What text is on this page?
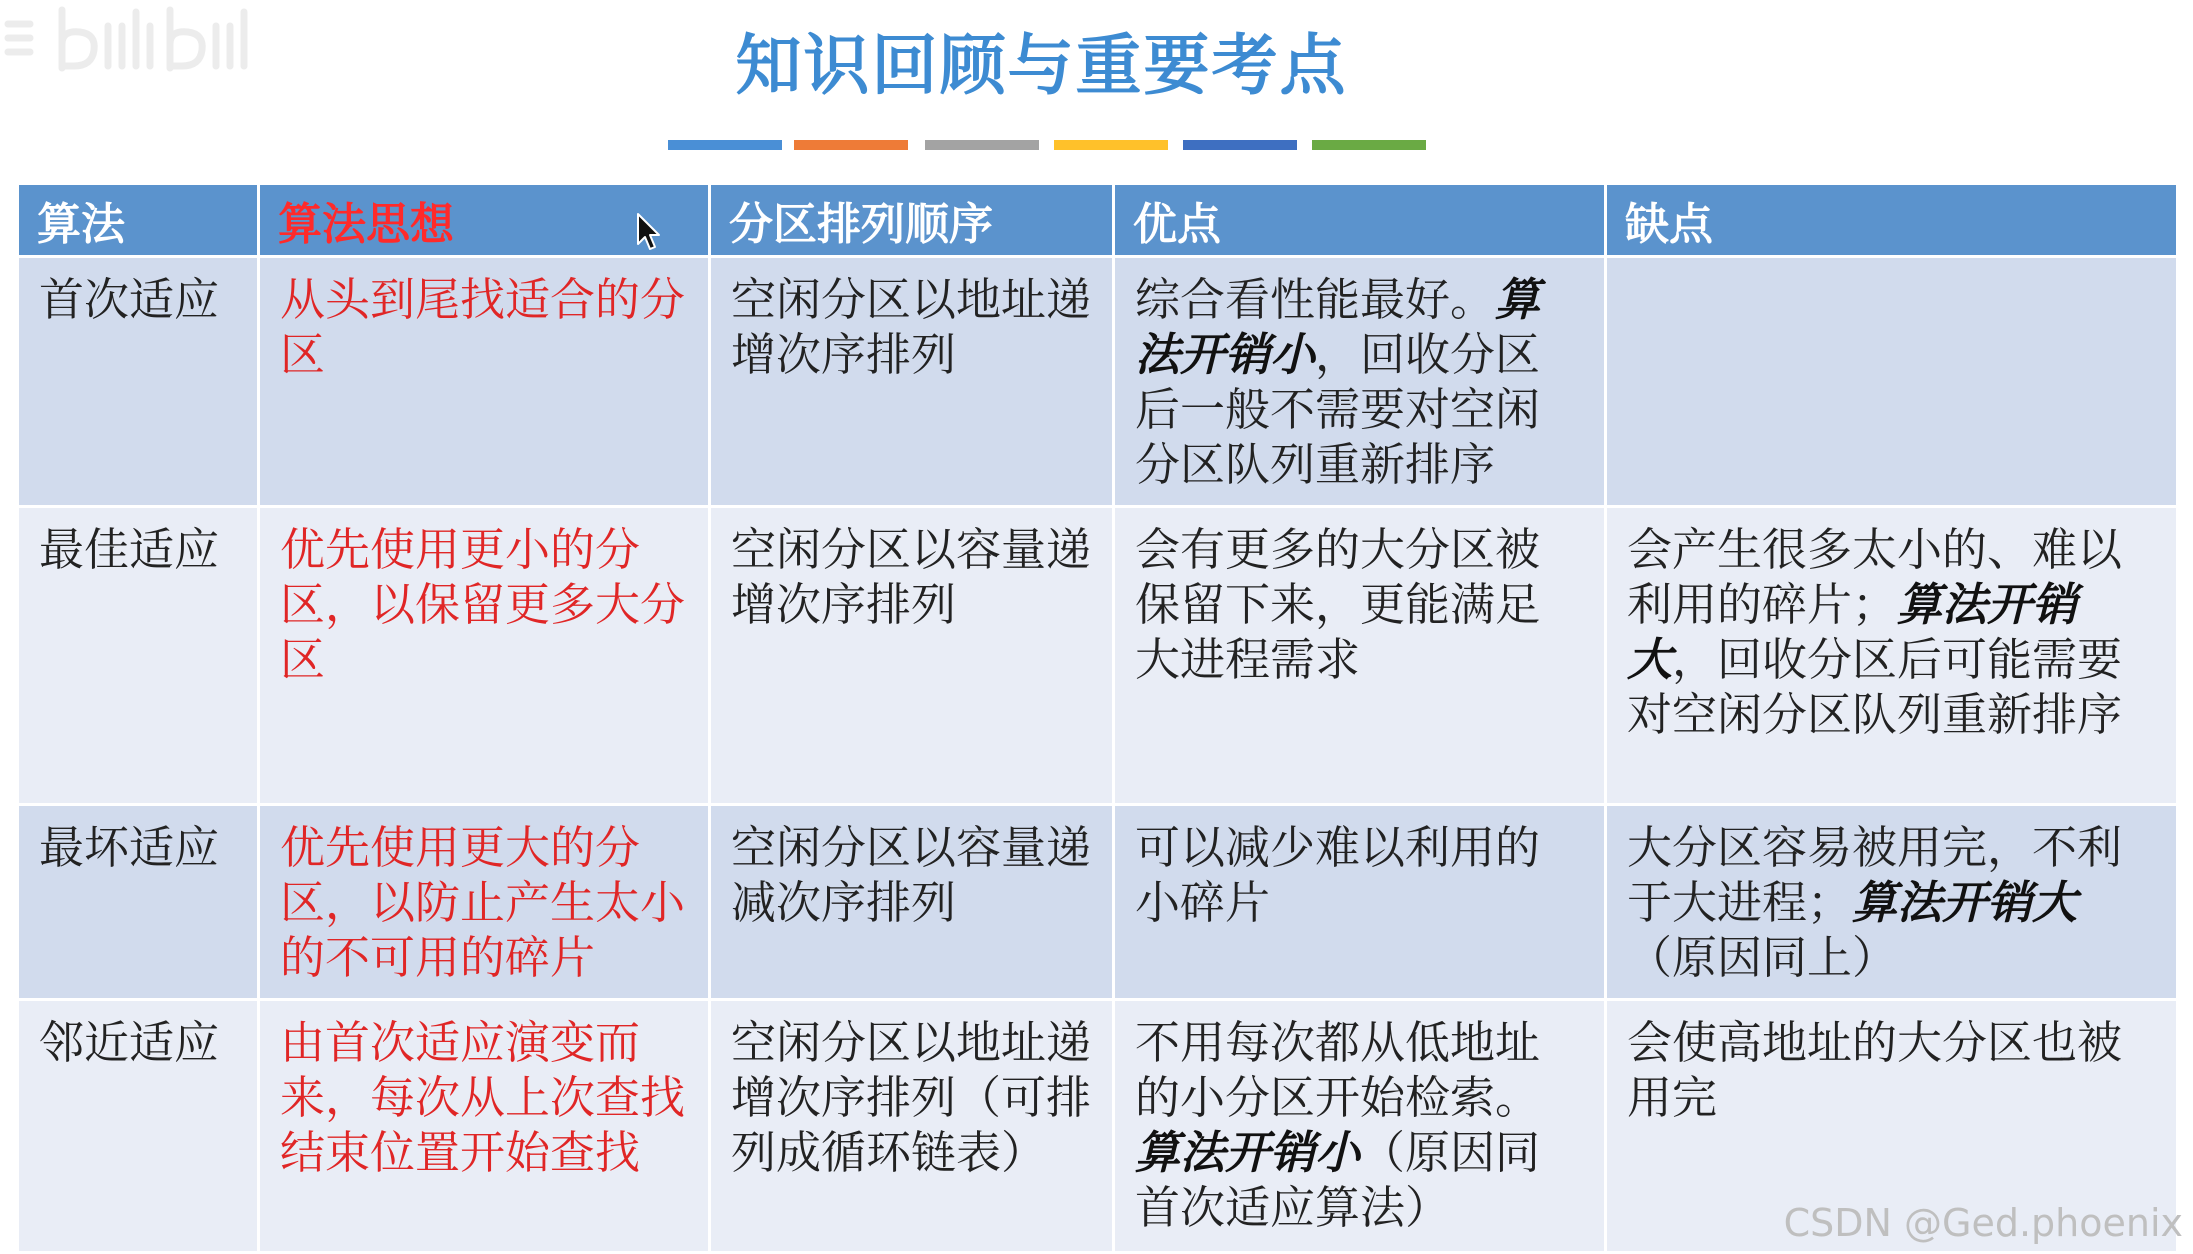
知识回顾与重要考点
算法	算法思想	分区排列顺序	优点	缺点
首次适应	从头到尾找适合的分区	空闲分区以地址递增次序排列	综合看性能最好。算法开销小，回收分区后一般不需要对空闲分区队列重新排序	
最佳适应	优先使用更小的分区，以保留更多大分区	空闲分区以容量递增次序排列	会有更多的大分区被保留下来，更能满足大进程需求	会产生很多太小的、难以利用的碎片；算法开销大，回收分区后可能需要对空闲分区队列重新排序
最坏适应	优先使用更大的分区，以防止产生太小的不可用的碎片	空闲分区以容量递减次序排列	可以减少难以利用的小碎片	大分区容易被用完，不利于大进程；算法开销大（原因同上）
邻近适应	由首次适应演变而来，每次从上次查找结束位置开始查找	空闲分区以地址递增次序排列（可排列成循环链表）	不用每次都从低地址的小分区开始检索。算法开销小（原因同首次适应算法）	会使高地址的大分区也被用完
CSDN @Ged.phoenix
